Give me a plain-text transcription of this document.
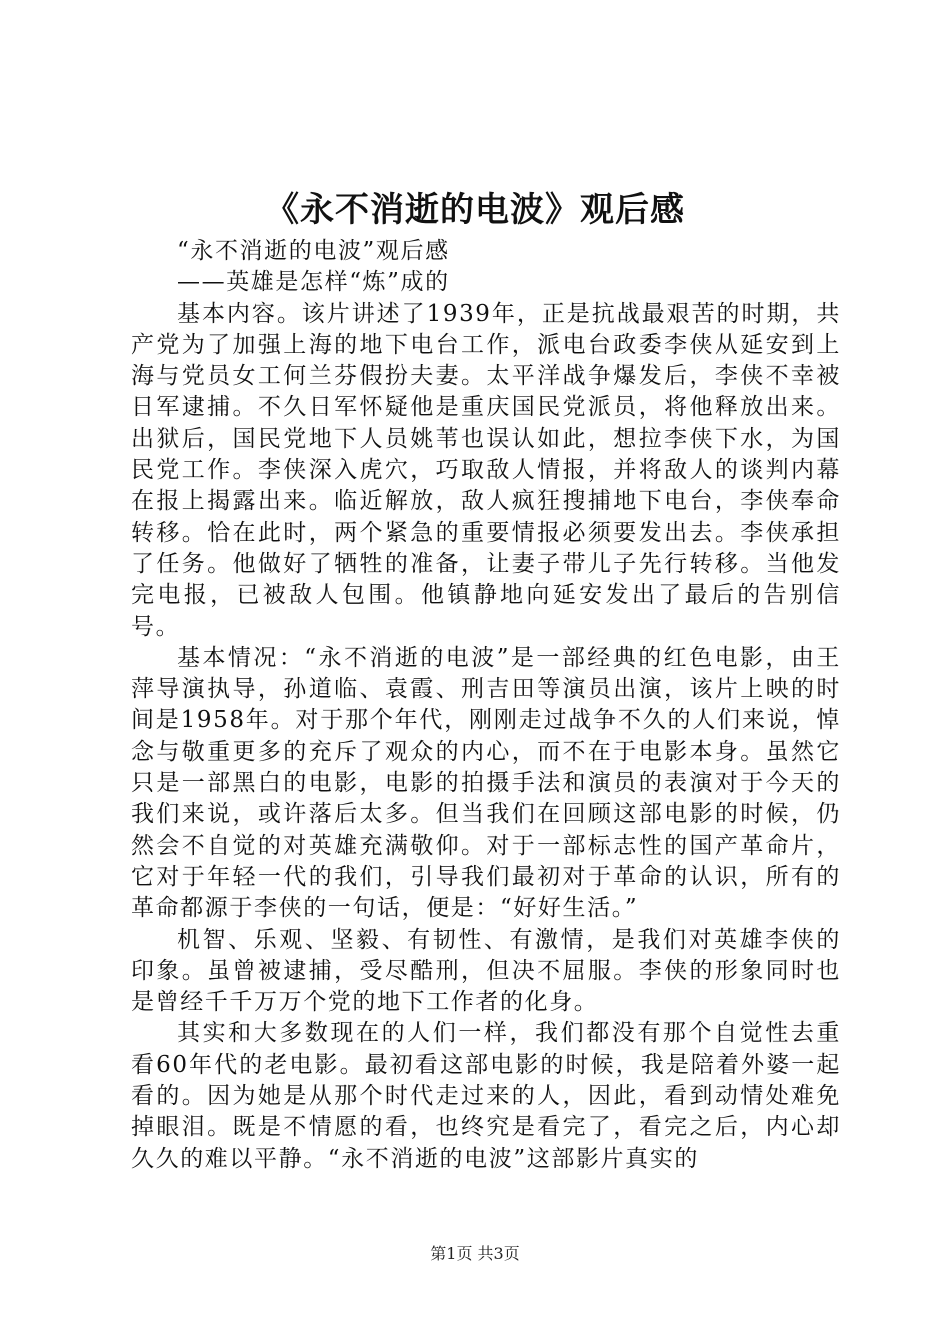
《永不消逝的电波》观后感

“永不消逝的电波”观后感

——英雄是怎样“炼”成的

基本内容。该片讲述了1939年，正是抗战最艰苦的时期，共产党为了加强上海的地下电台工作，派电台政委李侠从延安到上海与党员女工何兰芬假扮夫妻。太平洋战争爆发后，李侠不幸被日军逮捕。不久日军怀疑他是重庆国民党派员，将他释放出来。出狱后，国民党地下人员姚苇也误认如此，想拉李侠下水，为国民党工作。李侠深入虎穴，巧取敌人情报，并将敌人的谈判内幕在报上揭露出来。临近解放，敌人疯狂搜捕地下电台，李侠奉命转移。恰在此时，两个紧急的重要情报必须要发出去。李侠承担了任务。他做好了牺牲的准备，让妻子带儿子先行转移。当他发完电报，已被敌人包围。他镇静地向延安发出了最后的告别信号。

基本情况：“永不消逝的电波”是一部经典的红色电影，由王萍导演执导，孙道临、袁霞、刑吉田等演员出演，该片上映的时间是1958年。对于那个年代，刚刚走过战争不久的人们来说，悼念与敬重更多的充斥了观众的内心，而不在于电影本身。虽然它只是一部黑白的电影，电影的拍摄手法和演员的表演对于今天的我们来说，或许落后太多。但当我们在回顾这部电影的时候，仍然会不自觉的对英雄充满敬仰。对于一部标志性的国产革命片，它对于年轻一代的我们，引导我们最初对于革命的认识，所有的革命都源于李侠的一句话，便是：“好好生活。”

机智、乐观、坚毅、有韧性、有激情，是我们对英雄李侠的印象。虽曾被逮捕，受尽酷刑，但决不屈服。李侠的形象同时也是曾经千千万万个党的地下工作者的化身。

其实和大多数现在的人们一样，我们都没有那个自觉性去重看60年代的老电影。最初看这部电影的时候，我是陪着外婆一起看的。因为她是从那个时代走过来的人，因此，看到动情处难免掉眼泪。既是不情愿的看，也终究是看完了，看完之后，内心却久久的难以平静。“永不消逝的电波”这部影片真实的

第1页 共3页
